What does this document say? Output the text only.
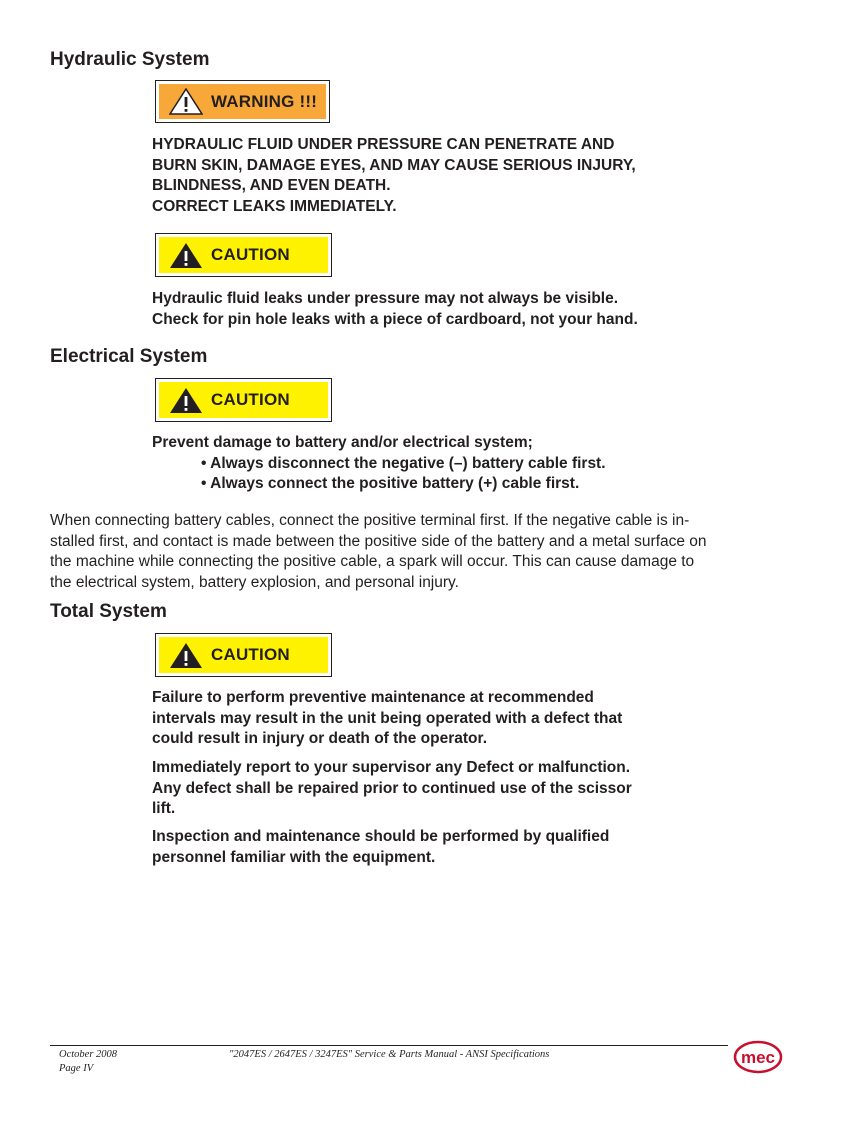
Hydraulic System
WARNING !!!
HYDRAULIC FLUID UNDER PRESSURE CAN PENETRATE AND
BURN SKIN, DAMAGE EYES, AND MAY CAUSE SERIOUS INJURY,
BLINDNESS, AND EVEN DEATH.
CORRECT LEAKS IMMEDIATELY.
CAUTION
Hydraulic fluid leaks under pressure may not always be visible.
Check for pin hole leaks with a piece of cardboard, not your hand.
Electrical System
CAUTION
Prevent damage to battery and/or electrical system;
• Always disconnect the negative (–) battery cable first.
• Always connect the positive battery (+) cable first.
When connecting battery cables, connect the positive terminal first. If the negative cable is in-
stalled first, and contact is made between the positive side of the battery and a metal surface on
the machine while connecting the positive cable, a spark will occur. This can cause damage to
the electrical system, battery explosion, and personal injury.
Total System
CAUTION
Failure to perform preventive maintenance at recommended
intervals may result in the unit being operated with a defect that
could result in injury or death of the operator.
Immediately report to your supervisor any Defect or malfunction.
Any defect shall be repaired prior to continued use of the scissor
lift.
Inspection and maintenance should be performed by qualified
personnel familiar with the equipment.
October 2008
Page IV
"2047ES / 2647ES / 3247ES" Service & Parts Manual - ANSI Specifications	mec
